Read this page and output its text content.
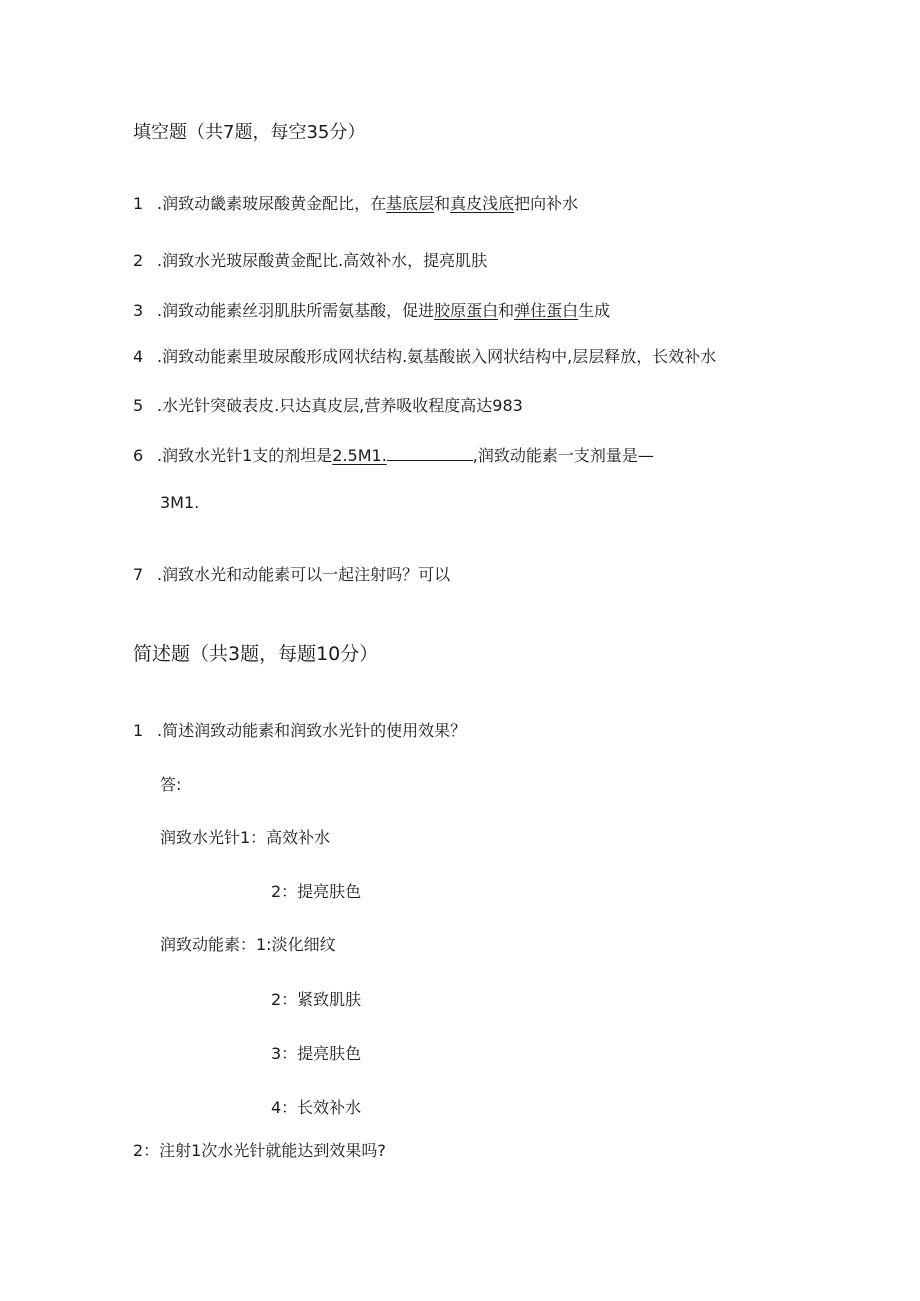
填空题（共7题，每空35分）
1 .润致动畿素玻尿酸黄金配比，在基底层和真皮浅底把向补水
2 .润致水光玻尿酸黄金配比.高效补水，提亮肌肤
3 .润致动能素丝羽肌肤所需氨基酸，促进胶原蛋白和弹住蛋白生成
4 .润致动能素里玻尿酸形成网状结构.氨基酸嵌入网状结构中,层层释放，长效补水
5 .水光针突破表皮.只达真皮层,营养吸收程度高达983
6 .润致水光针1支的剂坦是2.5M1.	,润致动能素一支剂量是—
3M1.
7 .润致水光和动能素可以一起注射吗？可以
简述题（共3题，每题10分）
1 .简述润致动能素和润致水光针的使用效果？
答:
润致水光针1：高效补水
2：提亮肤色
润致动能素：1:淡化细纹
2：紧致肌肤
3：提亮肤色
4：长效补水
2：注射1次水光针就能达到效果吗?
